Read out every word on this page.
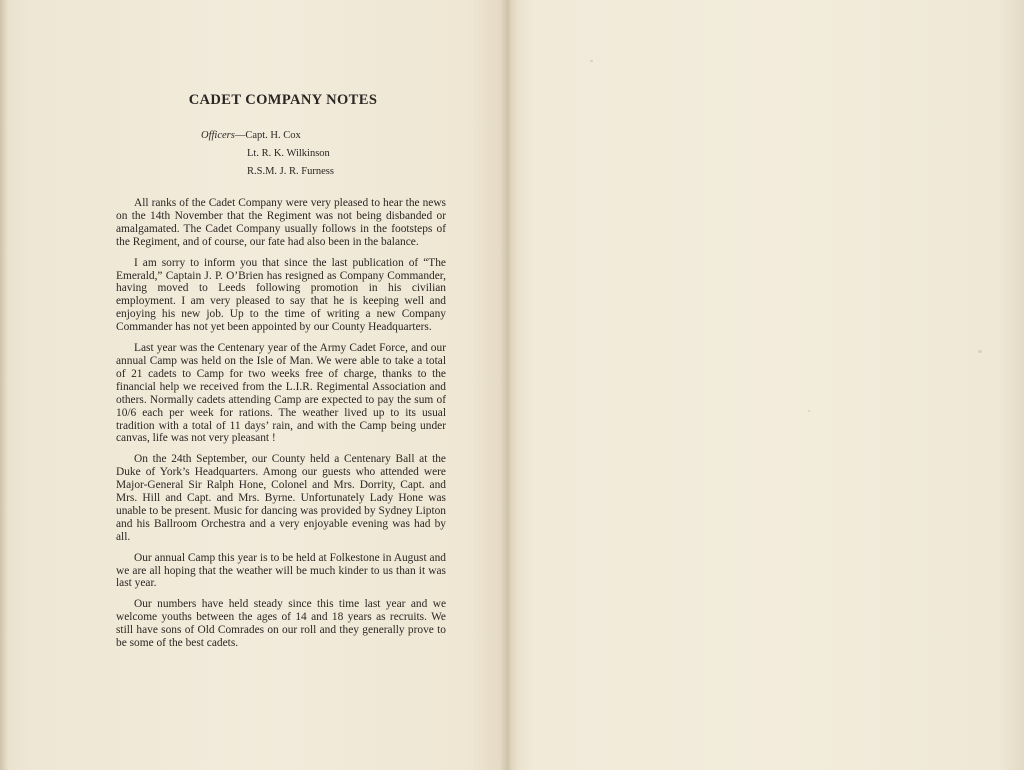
CADET COMPANY NOTES
Officers—Capt. H. Cox
Lt. R. K. Wilkinson
R.S.M. J. R. Furness

All ranks of the Cadet Company were very pleased to hear the news on the 14th November that the Regiment was not being disbanded or amalgamated. The Cadet Company usually follows in the footsteps of the Regiment, and of course, our fate had also been in the balance.

I am sorry to inform you that since the last publication of “The Emerald,” Captain J. P. O’Brien has resigned as Company Commander, having moved to Leeds following promotion in his civilian employment. I am very pleased to say that he is keeping well and enjoying his new job. Up to the time of writing a new Company Commander has not yet been appointed by our County Headquarters.

Last year was the Centenary year of the Army Cadet Force, and our annual Camp was held on the Isle of Man. We were able to take a total of 21 cadets to Camp for two weeks free of charge, thanks to the financial help we received from the L.I.R. Regimental Association and others. Normally cadets attending Camp are expected to pay the sum of 10/6 each per week for rations. The weather lived up to its usual tradition with a total of 11 days’ rain, and with the Camp being under canvas, life was not very pleasant !

On the 24th September, our County held a Centenary Ball at the Duke of York’s Headquarters. Among our guests who attended were Major-General Sir Ralph Hone, Colonel and Mrs. Dorrity, Capt. and Mrs. Hill and Capt. and Mrs. Byrne. Unfortunately Lady Hone was unable to be present. Music for dancing was provided by Sydney Lipton and his Ballroom Orchestra and a very enjoyable evening was had by all.

Our annual Camp this year is to be held at Folkestone in August and we are all hoping that the weather will be much kinder to us than it was last year.

Our numbers have held steady since this time last year and we welcome youths between the ages of 14 and 18 years as recruits. We still have sons of Old Comrades on our roll and they generally prove to be some of the best cadets.
